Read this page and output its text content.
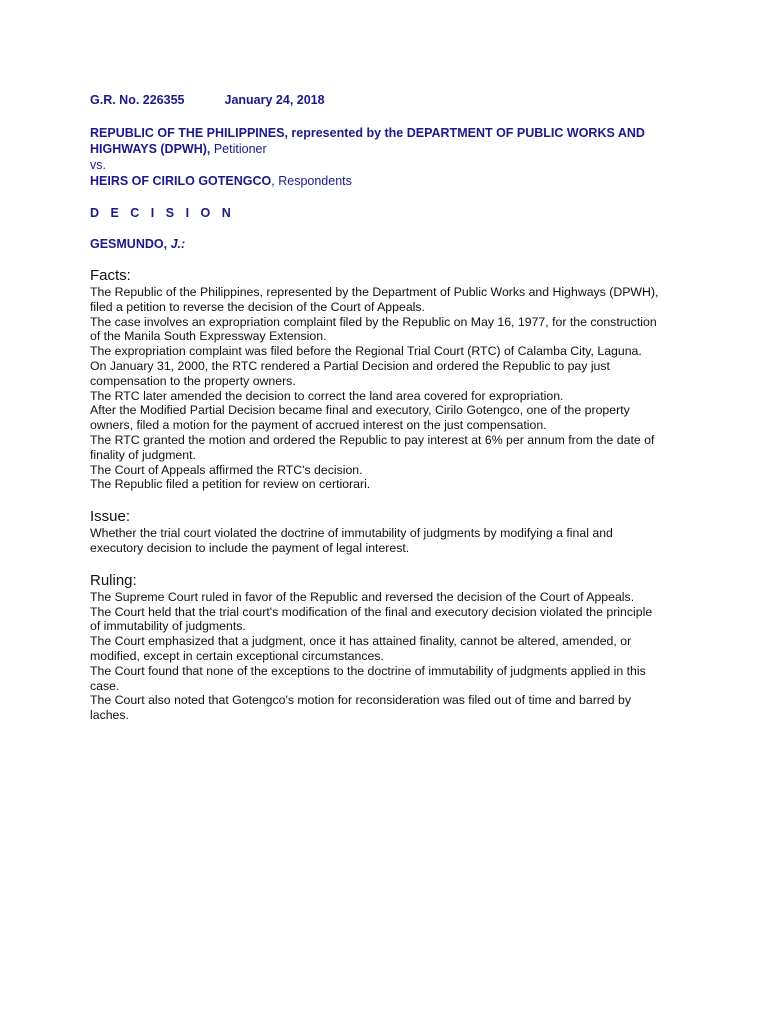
G.R. No. 226355	January 24, 2018

REPUBLIC OF THE PHILIPPINES, represented by the DEPARTMENT OF PUBLIC WORKS AND HIGHWAYS (DPWH), Petitioner
vs.
HEIRS OF CIRILO GOTENGCO, Respondents
D E C I S I O N
GESMUNDO, J.:

Facts:

The Republic of the Philippines, represented by the Department of Public Works and Highways (DPWH),

filed a petition to reverse the decision of the Court of Appeals.

The case involves an expropriation complaint filed by the Republic on May 16, 1977, for the construction

of the Manila South Expressway Extension.

The expropriation complaint was filed before the Regional Trial Court (RTC) of Calamba City, Laguna.

On January 31, 2000, the RTC rendered a Partial Decision and ordered the Republic to pay just

compensation to the property owners.

The RTC later amended the decision to correct the land area covered for expropriation.

After the Modified Partial Decision became final and executory, Cirilo Gotengco, one of the property

owners, filed a motion for the payment of accrued interest on the just compensation.

The RTC granted the motion and ordered the Republic to pay interest at 6% per annum from the date of

finality of judgment.

The Court of Appeals affirmed the RTC's decision.

The Republic filed a petition for review on certiorari.

Issue:

Whether the trial court violated the doctrine of immutability of judgments by modifying a final and

executory decision to include the payment of legal interest.

Ruling:

The Supreme Court ruled in favor of the Republic and reversed the decision of the Court of Appeals.

The Court held that the trial court's modification of the final and executory decision violated the principle

of immutability of judgments.

The Court emphasized that a judgment, once it has attained finality, cannot be altered, amended, or

modified, except in certain exceptional circumstances.

The Court found that none of the exceptions to the doctrine of immutability of judgments applied in this

case.

The Court also noted that Gotengco's motion for reconsideration was filed out of time and barred by

laches.
